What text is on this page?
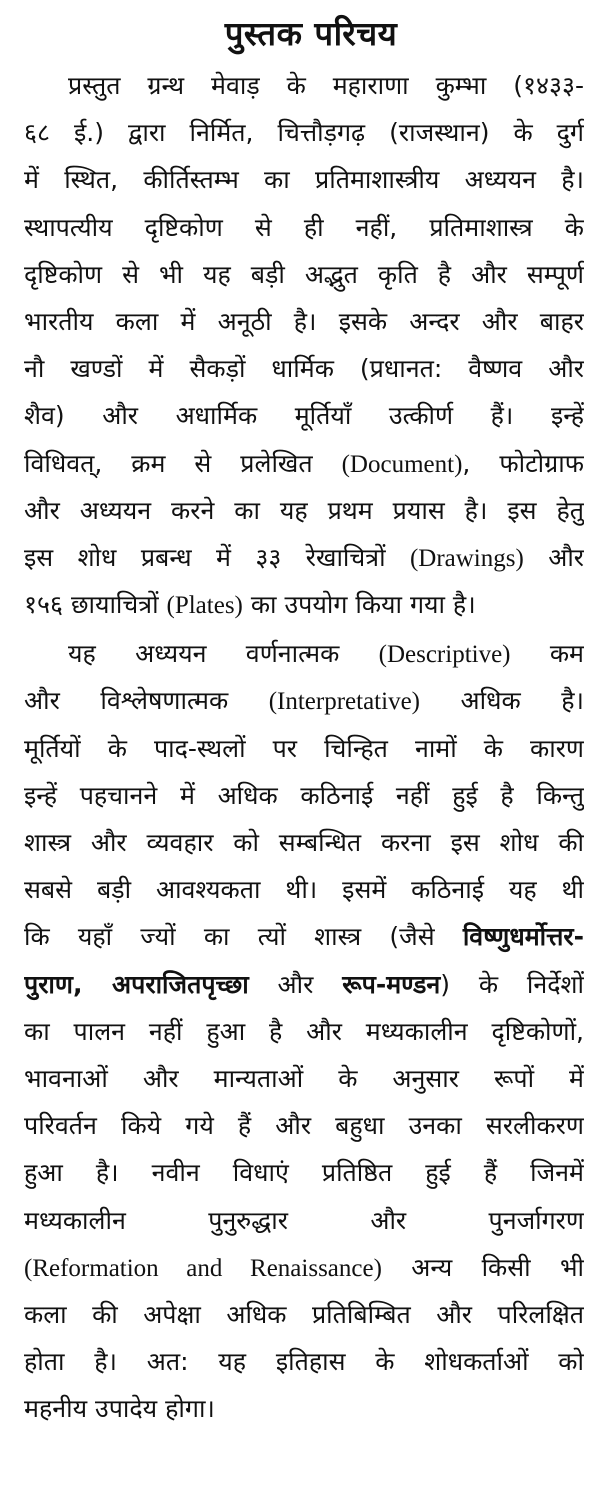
पुस्तक परिचय
प्रस्तुत ग्रन्थ मेवाड़ के महाराणा कुम्भा (१४३३-
६८ ई.) द्वारा निर्मित, चित्तौड़गढ़ (राजस्थान) के दुर्ग
में स्थित, कीर्तिस्तम्भ का प्रतिमाशास्त्रीय अध्ययन है।
स्थापत्यीय दृष्टिकोण से ही नहीं, प्रतिमाशास्त्र के
दृष्टिकोण से भी यह बड़ी अद्भुत कृति है और सम्पूर्ण
भारतीय कला में अनूठी है। इसके अन्दर और बाहर
नौ खण्डों में सैकड़ों धार्मिक (प्रधानत: वैष्णव और
शैव) और अधार्मिक मूर्तियाँ उत्कीर्ण हैं। इन्हें
विधिवत्, क्रम से प्रलेखित (Document), फोटोग्राफ
और अध्ययन करने का यह प्रथम प्रयास है। इस हेतु
इस शोध प्रबन्ध में ३३ रेखाचित्रों (Drawings) और
१५६ छायाचित्रों (Plates) का उपयोग किया गया है।
यह अध्ययन वर्णनात्मक (Descriptive) कम
और विश्लेषणात्मक (Interpretative) अधिक है।
मूर्तियों के पाद-स्थलों पर चिन्हित नामों के कारण
इन्हें पहचानने में अधिक कठिनाई नहीं हुई है किन्तु
शास्त्र और व्यवहार को सम्बन्धित करना इस शोध की
सबसे बड़ी आवश्यकता थी। इसमें कठिनाई यह थी
कि यहाँ ज्यों का त्यों शास्त्र (जैसे विष्णुधर्मोत्तर-
पुराण, अपराजितपृच्छा और रूप-मण्डन) के निर्देशों
का पालन नहीं हुआ है और मध्यकालीन दृष्टिकोणों,
भावनाओं और मान्यताओं के अनुसार रूपों में
परिवर्तन किये गये हैं और बहुधा उनका सरलीकरण
हुआ है। नवीन विधाएं प्रतिष्ठित हुई हैं जिनमें
मध्यकालीन पुनुरुद्धार और पुनर्जागरण
(Reformation and Renaissance) अन्य किसी भी
कला की अपेक्षा अधिक प्रतिबिम्बित और परिलक्षित
होता है। अत: यह इतिहास के शोधकर्ताओं को
महनीय उपादेय होगा।
